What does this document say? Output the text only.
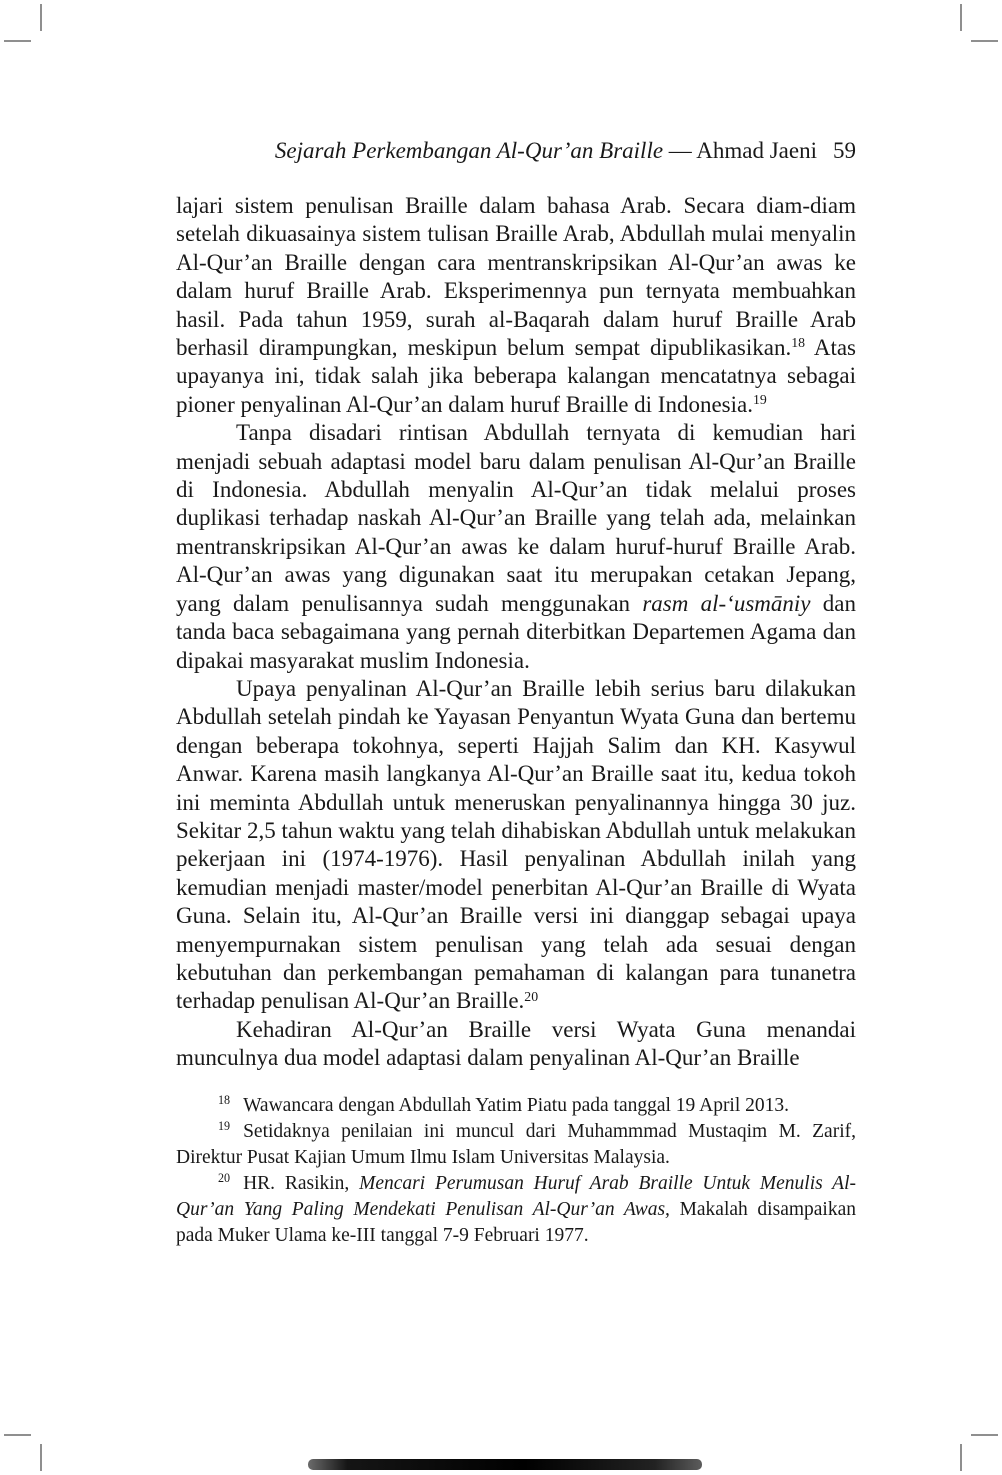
Sejarah Perkembangan Al-Qur’an Braille — Ahmad Jaeni 59

lajari sistem penulisan Braille dalam bahasa Arab. Secara diam-diam setelah dikuasainya sistem tulisan Braille Arab, Abdullah mulai menyalin Al-Qur’an Braille dengan cara mentranskripsikan Al-Qur’an awas ke dalam huruf Braille Arab. Eksperimennya pun ternyata membuahkan hasil. Pada tahun 1959, surah al-Baqarah dalam huruf Braille Arab berhasil dirampungkan, meskipun belum sempat dipublikasikan.$^{18}$ Atas upayanya ini, tidak salah jika beberapa kalangan mencatatnya sebagai pioner penyalinan Al-Qur’an dalam huruf Braille di Indonesia.$^{19}$

Tanpa disadari rintisan Abdullah ternyata di kemudian hari menjadi sebuah adaptasi model baru dalam penulisan Al-Qur’an Braille di Indonesia. Abdullah menyalin Al-Qur’an tidak melalui proses duplikasi terhadap naskah Al-Qur’an Braille yang telah ada, melainkan mentranskripsikan Al-Qur’an awas ke dalam huruf-huruf Braille Arab. Al-Qur’an awas yang digunakan saat itu merupakan cetakan Jepang, yang dalam penulisannya sudah menggunakan rasm al-‘usmāniy dan tanda baca sebagaimana yang pernah diterbitkan Departemen Agama dan dipakai masyarakat muslim Indonesia.

Upaya penyalinan Al-Qur’an Braille lebih serius baru dilakukan Abdullah setelah pindah ke Yayasan Penyantun Wyata Guna dan bertemu dengan beberapa tokohnya, seperti Hajjah Salim dan KH. Kasywul Anwar. Karena masih langkanya Al-Qur’an Braille saat itu, kedua tokoh ini meminta Abdullah untuk meneruskan penyalinannya hingga 30 juz. Sekitar 2,5 tahun waktu yang telah dihabiskan Abdullah untuk melakukan pekerjaan ini (1974-1976). Hasil penyalinan Abdullah inilah yang kemudian menjadi master/model penerbitan Al-Qur’an Braille di Wyata Guna. Selain itu, Al-Qur’an Braille versi ini dianggap sebagai upaya menyempurnakan sistem penulisan yang telah ada sesuai dengan kebutuhan dan perkembangan pemahaman di kalangan para tunanetra terhadap penulisan Al-Qur’an Braille.$^{20}$

Kehadiran Al-Qur’an Braille versi Wyata Guna menandai munculnya dua model adaptasi dalam penyalinan Al-Qur’an Braille

$^{18}$ Wawancara dengan Abdullah Yatim Piatu pada tanggal 19 April 2013.

$^{19}$ Setidaknya penilaian ini muncul dari Muhammmad Mustaqim M. Zarif, Direktur Pusat Kajian Umum Ilmu Islam Universitas Malaysia.

$^{20}$ HR. Rasikin, Mencari Perumusan Huruf Arab Braille Untuk Menulis Al-Qur’an Yang Paling Mendekati Penulisan Al-Qur’an Awas, Makalah disampaikan pada Muker Ulama ke-III tanggal 7-9 Februari 1977.
